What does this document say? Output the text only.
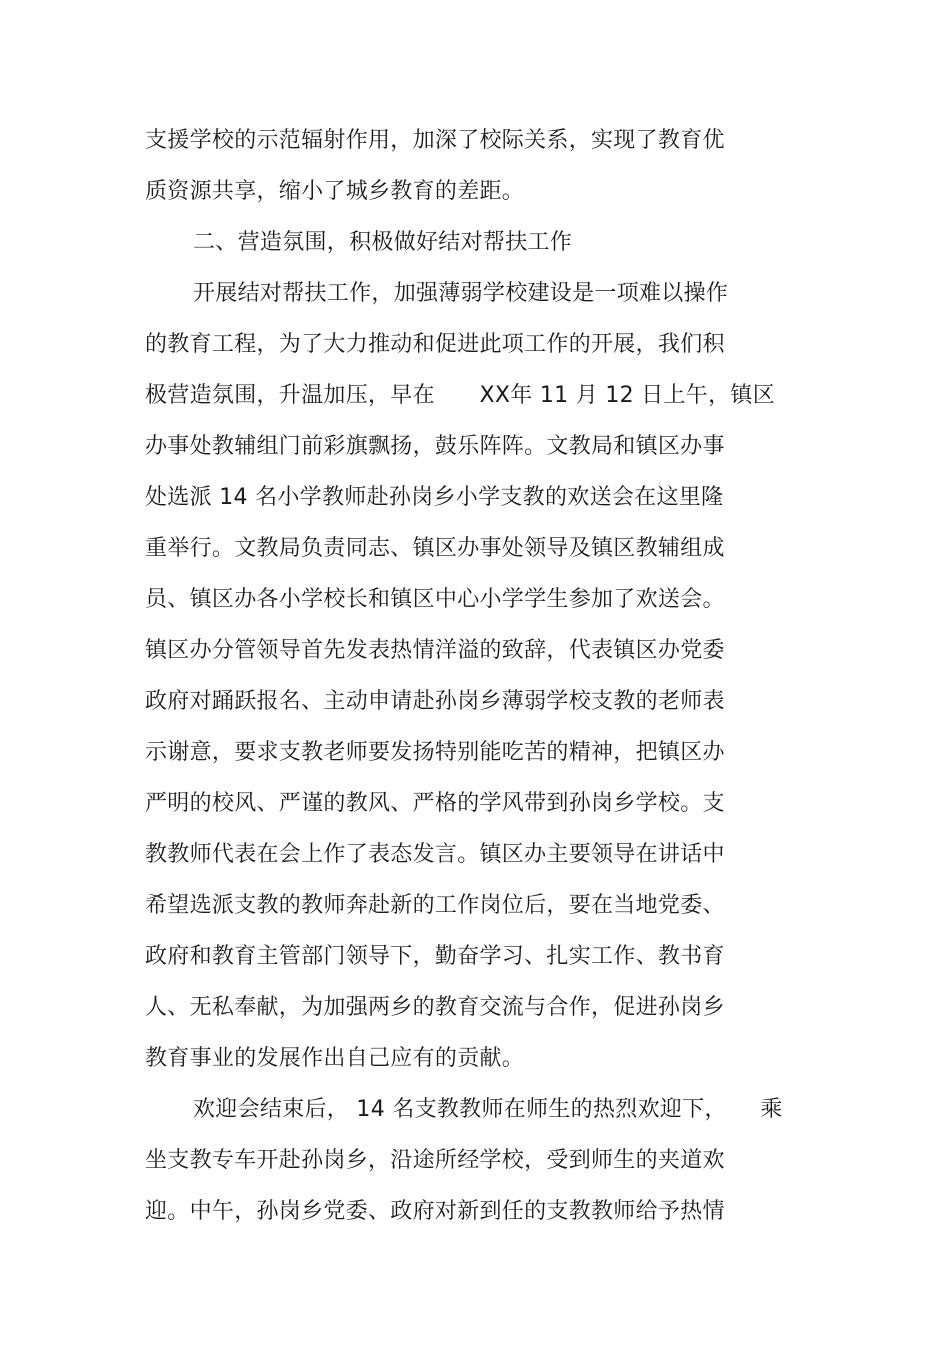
支援学校的示范辐射作用，加深了校际关系，实现了教育优
质资源共享，缩小了城乡教育的差距。
二、营造氛围，积极做好结对帮扶工作
开展结对帮扶工作，加强薄弱学校建设是一项难以操作
的教育工程，为了大力推动和促进此项工作的开展，我们积
极营造氛围，升温加压，早在　　XX年 11 月 12 日上午，镇区
办事处教辅组门前彩旗飘扬，鼓乐阵阵。文教局和镇区办事
处选派 14 名小学教师赴孙岗乡小学支教的欢送会在这里隆
重举行。文教局负责同志、镇区办事处领导及镇区教辅组成
员、镇区办各小学校长和镇区中心小学学生参加了欢送会。
镇区办分管领导首先发表热情洋溢的致辞，代表镇区办党委
政府对踊跃报名、主动申请赴孙岗乡薄弱学校支教的老师表
示谢意，要求支教老师要发扬特别能吃苦的精神，把镇区办
严明的校风、严谨的教风、严格的学风带到孙岗乡学校。支
教教师代表在会上作了表态发言。镇区办主要领导在讲话中
希望选派支教的教师奔赴新的工作岗位后，要在当地党委、
政府和教育主管部门领导下，勤奋学习、扎实工作、教书育
人、无私奉献，为加强两乡的教育交流与合作，促进孙岗乡
教育事业的发展作出自己应有的贡献。
欢迎会结束后， 14 名支教教师在师生的热烈欢迎下，　　乘
坐支教专车开赴孙岗乡，沿途所经学校，受到师生的夹道欢
迎。中午，孙岗乡党委、政府对新到任的支教教师给予热情
